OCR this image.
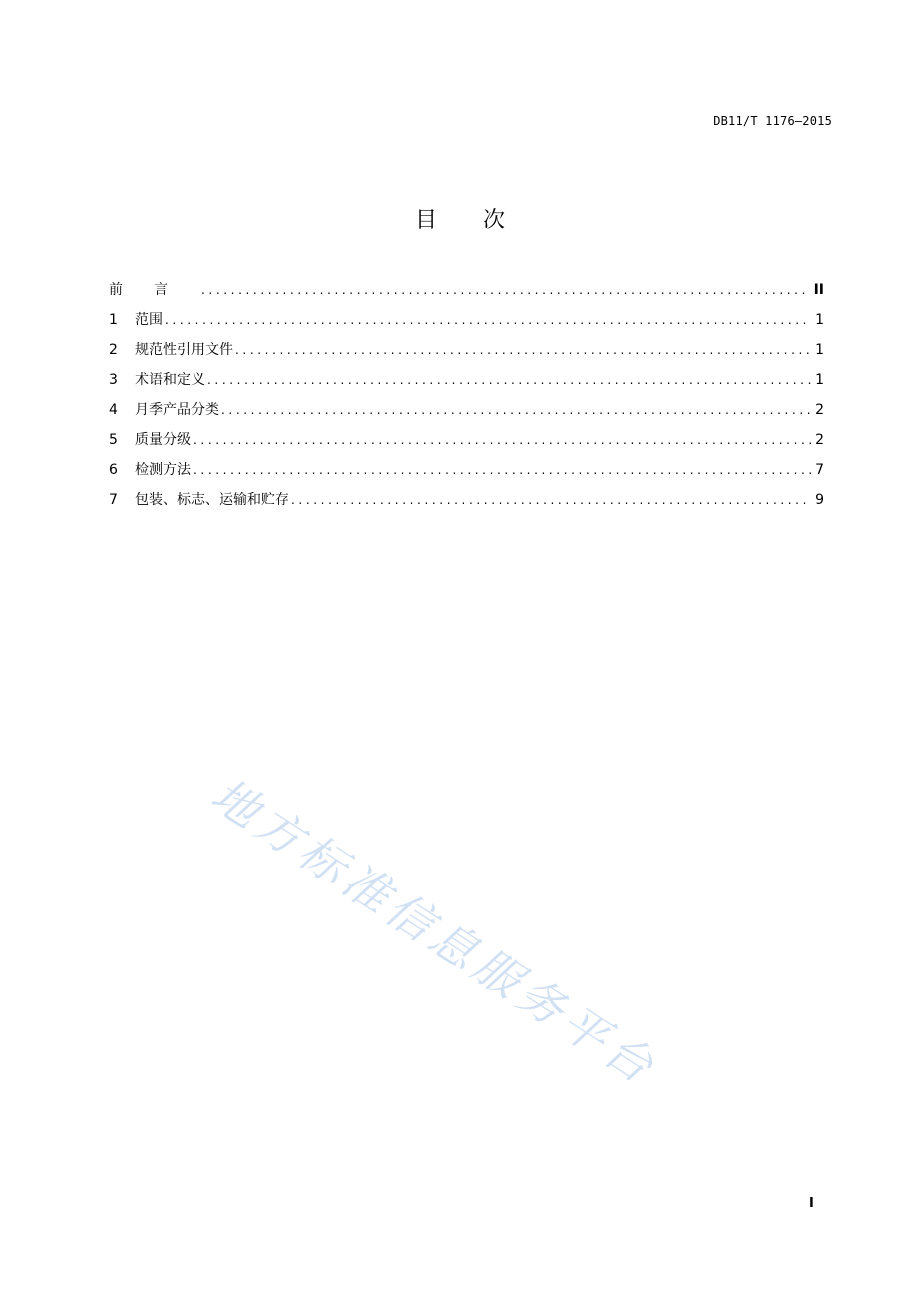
DB11/T 1176—2015
目次
前言 .....	II
1	范围 .....	1
2	规范性引用文件 .....	1
3	术语和定义 .....	1
4	月季产品分类 .....	2
5	质量分级 .....	2
6	检测方法 .....	7
7	包装、标志、运输和贮存 .....	9
地方标准信息服务平台
I
